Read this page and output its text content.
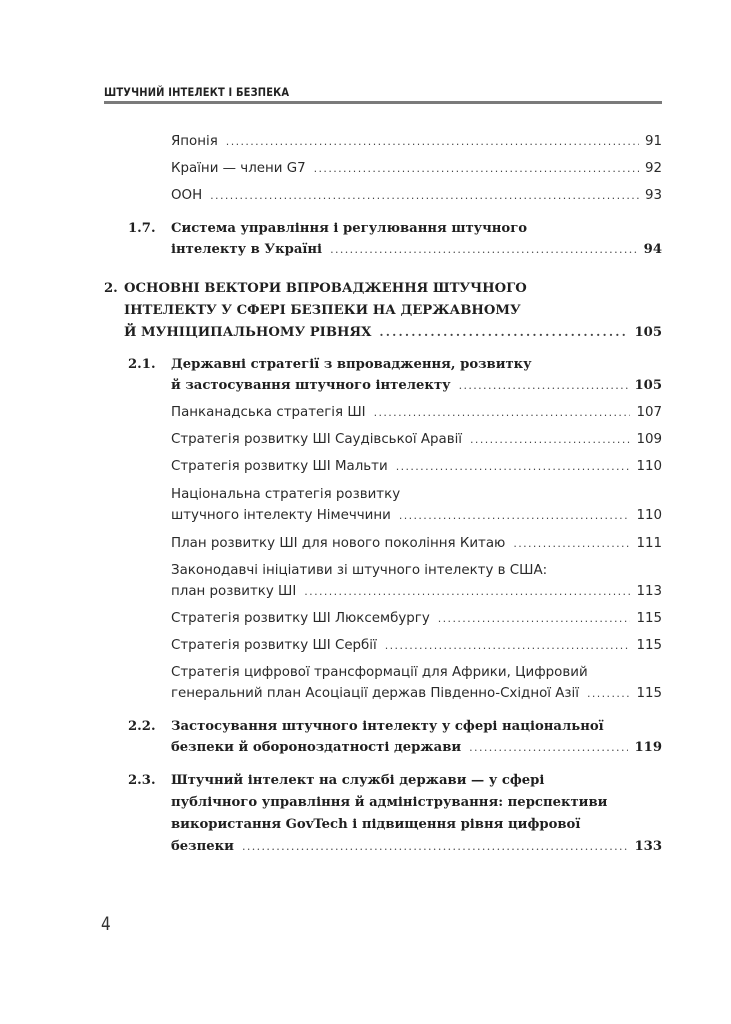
ШТУЧНИЙ ІНТЕЛЕКТ І БЕЗПЕКА
Японія .....	91
Країни — члени G7 .....	92
ООН .....	93
1.7. Система управління і регулювання штучного
інтелекту в Україні .....	94
2. ОСНОВНІ ВЕКТОРИ ВПРОВАДЖЕННЯ ШТУЧНОГО
ІНТЕЛЕКТУ У СФЕРІ БЕЗПЕКИ НА ДЕРЖАВНОМУ
Й МУНІЦИПАЛЬНОМУ РІВНЯХ .....	105
2.1. Державні стратегії з впровадження, розвитку
й застосування штучного інтелекту .....	105
Панканадська стратегія ШІ .....	107
Стратегія розвитку ШІ Саудівської Аравії .....	109
Стратегія розвитку ШІ Мальти .....	110
Національна стратегія розвитку
штучного інтелекту Німеччини .....	110
План розвитку ШІ для нового покоління Китаю .....	111
Законодавчі ініціативи зі штучного інтелекту в США:
план розвитку ШІ .....	113
Стратегія розвитку ШІ Люксембургу .....	115
Стратегія розвитку ШІ Сербії .....	115
Стратегія цифрової трансформації для Африки, Цифровий
генеральний план Асоціації держав Південно-Східної Азії .....	115
2.2. Застосування штучного інтелекту у сфері національної
безпеки й обороноздатності держави .....	119
2.3. Штучний інтелект на службі держави — у сфері
публічного управління й адміністрування: перспективи
використання GovTech і підвищення рівня цифрової
безпеки .....	133
4
